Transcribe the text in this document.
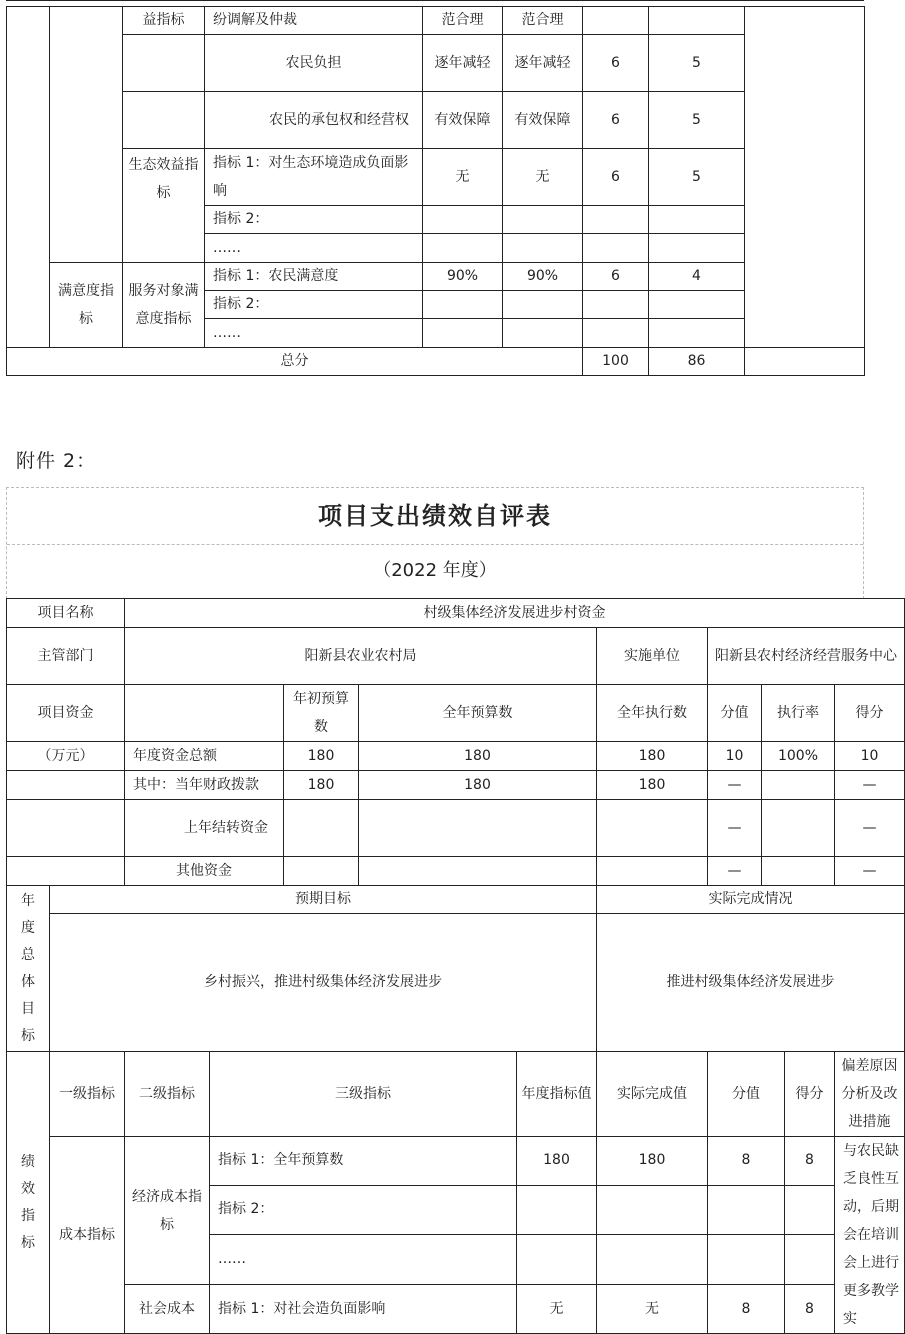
		益指标	纷调解及仲裁	范合理	范合理			
			农民负担	逐年减轻	逐年减轻	6	5	
			农民的承包权和经营权	有效保障	有效保障	6	5	
		生态效益指标	指标 1：对生态环境造成负面影响	无	无	6	5	
			指标 2：					
			……					
	满意度指标	服务对象满意度指标	指标 1：农民满意度	90%	90%	6	4	
			指标 2：					
			……					
总分						100	86	
附件 2：
项目支出绩效自评表
（2022 年度）
项目名称		村级集体经济发展进步村资金									
主管部门		阳新县农业农村局					实施单位	阳新县农村经济经营服务中心			
项目资金				年初预算数	全年预算数		全年执行数	分值	执行率		得分
（万元）		年度资金总额		180	180		180	10	100%		10
		其中：当年财政拨款		180	180		180	—			—
		上年结转资金						—			—
		其他资金						—			—
年度总体目标	预期目标						实际完成情况				
	乡村振兴，推进村级集体经济发展进步						推进村级集体经济发展进步				
绩效指标	一级指标	二级指标	三级指标			年度指标值	实际完成值	分值		得分	偏差原因分析及改进措施

	成本指标	经济成本指标	指标 1：全年预算数			180	180	8		8	与农民缺乏良性互动，后期会在培训会上进行更多教学实
			指标 2：								
			……								
		社会成本	指标 1：对社会造负面影响			无	无	8		8	
